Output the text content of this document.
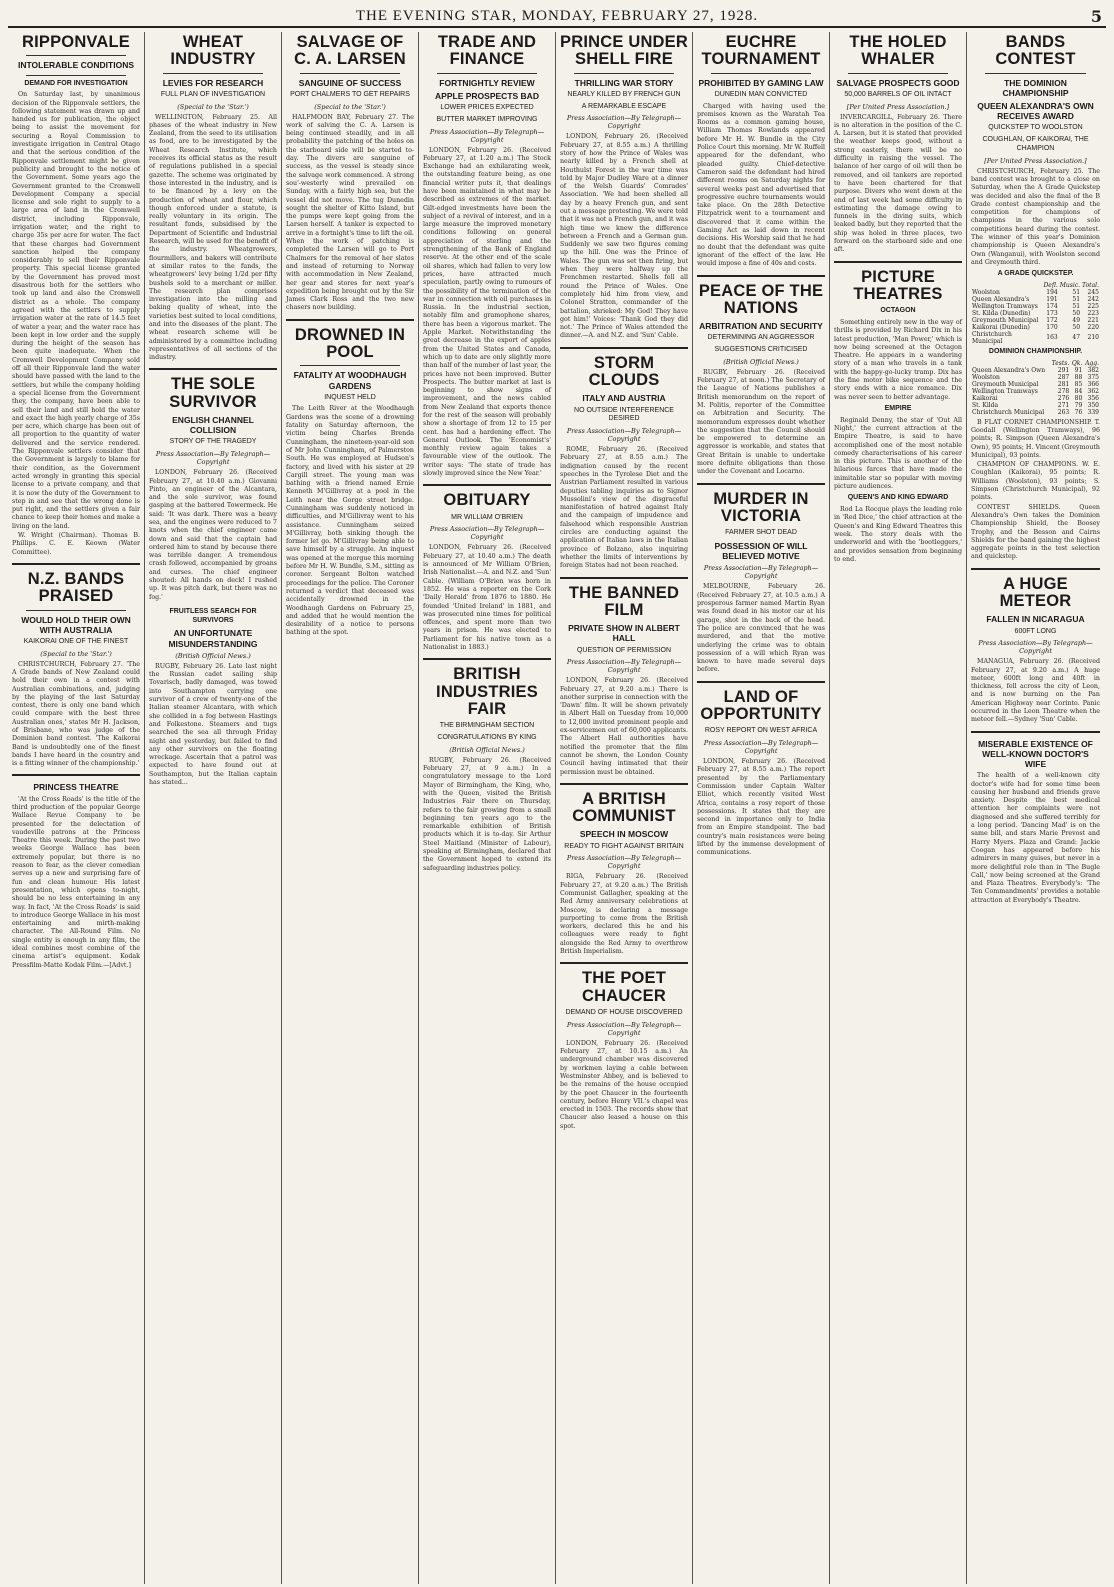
THE EVENING STAR, MONDAY, FEBRUARY 27, 1928.	5
RIPPONVALE
INTOLERABLE CONDITIONS
DEMAND FOR INVESTIGATION

On Saturday last, by unanimous decision of the Ripponvale settlers, the following statement was drawn up and handed us for publication, the object being to assist the movement for securing a Royal Commission to investigate irrigation in Central Otago and that the serious condition of the Ripponvale settlement might be given publicity and brought to the notice of the Government. Some years ago the Government granted to the Cromwell Development Company a special license and sole right to supply to a large area of land in the Cromwell district, including Ripponvale, irrigation water, and the right to charge 35s per acre for water. The fact that these charges had Government sanction helped the company considerably to sell their Ripponvale property. This special license granted by the Government has proved most disastrous both for the settlers who took up land and also the Cromwell district as a whole. The company agreed with the settlers to supply irrigation water at the rate of 14.5 feet of water a year, and the water race has been kept in low order and the supply during the height of the season has been quite inadequate. When the Cromwell Development Company sold off all their Ripponvale land the water should have passed with the land to the settlers, but while the company holding a special license from the Government they, the company, have been able to sell their land and still hold the water and exact the high yearly charge of 35s per acre, which charge has been out of all proportion to the quantity of water delivered and the service rendered. The Ripponvale settlers consider that the Government is largely to blame for their condition, as the Government acted wrongly in granting this special license to a private company, and that it is now the duty of the Government to step in and see that the wrong done is put right, and the settlers given a fair chance to keep their homes and make a living on the land.

W. Wright (Chairman). Thomas B. Phillips. C. E. Keown (Water Committee).

N.Z. BANDS PRAISED
WOULD HOLD THEIR OWN WITH AUSTRALIA
KAIKORAI ONE OF THE FINEST
(Special to the 'Star.')

CHRISTCHURCH, February 27. 'The A Grade bands of New Zealand could hold their own in a contest with Australian combinations, and, judging by the playing of the last Saturday contest, there is only one band which could compare with the best three Australian ones,' states Mr H. Jackson, of Brisbane, who was judge of the Dominion band contest. 'The Kaikorai Band is undoubtedly one of the finest bands I have heard in the country and is a fitting winner of the championship.'

PRINCESS THEATRE

'At the Cross Roads' is the title of the third production of the popular George Wallace Revue Company to be presented for the delectation of vaudeville patrons at the Princess Theatre this week. During the past two weeks George Wallace has been extremely popular, but there is no reason to fear, as the clever comedian serves up a new and surprising fare of fun and clean humour. His latest presentation, which opens to-night, should be no less entertaining in any way. In fact, 'At the Cross Roads' is said to introduce George Wallace in his most entertaining and mirth-making character. The All-Round Film. No single entity is enough in any film, the ideal combines most combine of the cinema artist's equipment. Kodak Pressfilm-Matte Kodak Film.—[Advt.]

WHEAT INDUSTRY
LEVIES FOR RESEARCH
FULL PLAN OF INVESTIGATION
(Special to the 'Star.')

WELLINGTON, February 25. All phases of the wheat industry in New Zealand, from the seed to its utilisation as food, are to be investigated by the Wheat Research Institute, which receives its official status as the result of regulations published in a special gazette. The scheme was originated by those interested in the industry, and is to be financed by a levy on the production of wheat and flour, which though enforced under a statute, is really voluntary in its origin. The resultant funds, subsidised by the Department of Scientific and Industrial Research, will be used for the benefit of the industry. Wheatgrowers, flourmillers, and bakers will contribute at similar rates to the funds, the wheatgrowers' levy being 1/2d per fifty bushels sold to a merchant or miller. The research plan comprises investigation into the milling and baking quality of wheat, into the varieties best suited to local conditions, and into the diseases of the plant. The wheat research scheme will be administered by a committee including representatives of all sections of the industry.

THE SOLE SURVIVOR
ENGLISH CHANNEL COLLISION
STORY OF THE TRAGEDY
Press Association—By Telegraph—Copyright

LONDON, February 26. (Received February 27, at 10.40 a.m.) Giovanni Pinto, an engineer of the Alcantara, and the sole survivor, was found gasping at the battered Towermeck. He said: 'It was dark. There was a heavy sea, and the engines were reduced to 7 knots when the chief engineer came down and said that the captain had ordered him to stand by because there was terrible danger. A tremendous crash followed, accompanied by groans and curses. The chief engineer shouted: All hands on deck! I rushed up. It was pitch dark, but there was no fog.'

FRUITLESS SEARCH FOR SURVIVORS
AN UNFORTUNATE MISUNDERSTANDING
(British Official News.)

RUGBY, February 26. Late last night the Russian cadet sailing ship Tovarisch, badly damaged, was towed into Southampton carrying one survivor of a crew of twenty-one of the Italian steamer Alcantara, with which she collided in a fog between Hastings and Folkestone. Steamers and tugs searched the sea all through Friday night and yesterday, but failed to find any other survivors on the floating wreckage. Ascertain that a patrol was expected to have found out at Southampton, but the Italian captain has stated...

SALVAGE OF C. A. LARSEN
SANGUINE OF SUCCESS
PORT CHALMERS TO GET REPAIRS
(Special to the 'Star.')

HALFMOON BAY, February 27. The work of salving the C. A. Larsen is being continued steadily, and in all probability the patching of the holes on the starboard side will be started to-day. The divers are sanguine of success, as the vessel is steady since the salvage work commenced. A strong sou'-westerly wind prevailed on Sunday, with a fairly high sea, but the vessel did not move. The tug Dunedin sought the shelter of Kitto Island, but the pumps were kept going from the Larsen herself. A tanker is expected to arrive in a fortnight's time to lift the oil. When the work of patching is completed the Larsen will go to Port Chalmers for the removal of her slates and instead of returning to Norway with accommodation in New Zealand, her gear and stores for next year's expedition being brought out by the Sir James Clark Ross and the two new chasers now building.

DROWNED IN POOL
FATALITY AT WOODHAUGH GARDENS
INQUEST HELD

The Leith River at the Woodhaugh Gardens was the scene of a drowning fatality on Saturday afternoon, the victim being Charles Brenda Cunningham, the nineteen-year-old son of Mr John Cunningham, of Palmerston South. He was employed at Hudson's factory, and lived with his sister at 29 Cargill street. The young man was bathing with a friend named Ernie Kenneth M'Gillivray at a pool in the Leith near the Gorge street bridge. Cunningham was suddenly noticed in difficulties, and M'Gillivray went to his assistance. Cunningham seized M'Gillivray, both sinking though the former let go. M'Gillivray being able to save himself by a struggle. An inquest was opened at the morgue this morning before Mr H. W. Bundle, S.M., sitting as coroner. Sergeant Bolton watched proceedings for the police. The Coroner returned a verdict that deceased was accidentally drowned in the Woodhaugh Gardens on February 25, and added that he would mention the desirability of a notice to persons bathing at the spot.

TRADE AND FINANCE
FORTNIGHTLY REVIEW
APPLE PROSPECTS BAD
LOWER PRICES EXPECTED
BUTTER MARKET IMPROVING
Press Association—By Telegraph—Copyright

LONDON, February 26. (Received February 27, at 1.20 a.m.) The Stock Exchange had an exhilarating week, the outstanding feature being, as one financial writer puts it, that dealings have been maintained in what may be described as extremes of the market. Gilt-edged investments have been the subject of a revival of interest, and in a large measure the improved monetary conditions following on general appreciation of sterling and the strengthening of the Bank of England reserve. At the other end of the scale oil shares, which had fallen to very low prices, have attracted much speculation, partly owing to rumours of the possibility of the termination of the war in connection with oil purchases in Russia. In the industrial section, notably film and gramophone shares, there has been a vigorous market. The Apple Market. Notwithstanding the great decrease in the export of apples from the United States and Canada, which up to date are only slightly more than half of the number of last year, the prices have not been improved. Butter Prospects. The butter market at last is beginning to show signs of improvement, and the news cabled from New Zealand that exports thence for the rest of the season will probably show a shortage of from 12 to 15 per cent. has had a hardening effect. The General Outlook. The 'Economist's' monthly review again takes a favourable view of the outlook. The writer says: 'The state of trade has slowly improved since the New Year.'

OBITUARY
MR WILLIAM O'BRIEN
Press Association—By Telegraph—Copyright

LONDON, February 26. (Received February 27, at 10.40 a.m.) The death is announced of Mr William O'Brien, Irish Nationalist.—A. and N.Z. and 'Sun' Cable. (William O'Brien was born in 1852. He was a reporter on the Cork 'Daily Herald' from 1876 to 1880. He founded 'United Ireland' in 1881, and was prosecuted nine times for political offences, and spent more than two years in prison. He was elected to Parliament for his native town as a Nationalist in 1883.)

BRITISH INDUSTRIES FAIR
THE BIRMINGHAM SECTION
CONGRATULATIONS BY KING
(British Official News.)

RUGBY, February 26. (Received February 27, at 9 a.m.) In a congratulatory message to the Lord Mayor of Birmingham, the King, who, with the Queen, visited the British Industries Fair there on Thursday, refers to the fair growing from a small beginning ten years ago to the remarkable exhibition of British products which it is to-day. Sir Arthur Steel Maitland (Minister of Labour), speaking at Birmingham, declared that the Government hoped to extend its safeguarding industries policy.

PRINCE UNDER SHELL FIRE
THRILLING WAR STORY
NEARLY KILLED BY FRENCH GUN
A REMARKABLE ESCAPE
Press Association—By Telegraph—Copyright

LONDON, February 26. (Received February 27, at 8.55 a.m.) A thrilling story of how the Prince of Wales was nearly killed by a French shell at Houthulst Forest in the war time was told by Major Dudley Ware at a dinner of the Welsh Guards' Comrades' Association. 'We had been shelled all day by a heavy French gun, and sent out a message protesting. We were told that it was not a French gun, and it was high time we knew the difference between a French and a German gun. Suddenly we saw two figures coming up the hill. One was the Prince of Wales. The gun was set then firing, but when they were halfway up the Frenchmen restarted. Shells fell all round the Prince of Wales. One completely hid him from view, and Colonel Stratton, commander of the battalion, shrieked: My God! They have got him!' Voices: 'Thank God they did not.' The Prince of Wales attended the dinner.—A. and N.Z. and 'Sun' Cable.

STORM CLOUDS
ITALY AND AUSTRIA
NO OUTSIDE INTERFERENCE DESIRED
Press Association—By Telegraph—Copyright

ROME, February 26. (Received February 27, at 8.55 a.m.) The indignation caused by the recent speeches in the Tyrolese Diet and the Austrian Parliament resulted in various deputies tabling inquiries as to Signor Mussolini's view of the disgraceful manifestation of hatred against Italy and the campaign of impudence and falsehood which responsible Austrian circles are conducting against the application of Italian laws in the Italian province of Bolzano, also inquiring whether the limits of interventions by foreign States had not been reached.

THE BANNED FILM
PRIVATE SHOW IN ALBERT HALL
QUESTION OF PERMISSION
Press Association—By Telegraph—Copyright

LONDON, February 26. (Received February 27, at 9.20 a.m.) There is another surprise in connection with the 'Dawn' film. It will be shown privately in Albert Hall on Tuesday from 10,000 to 12,000 invited prominent people and ex-servicemen out of 60,000 applicants. The Albert Hall authorities have notified the promoter that the film cannot be shown, the London County Council having intimated that their permission must be obtained.

A BRITISH COMMUNIST
SPEECH IN MOSCOW
READY TO FIGHT AGAINST BRITAIN
Press Association—By Telegraph—Copyright

RIGA, February 26. (Received February 27, at 9.20 a.m.) The British Communist Gallagher, speaking at the Red Army anniversary celebrations at Moscow, is declaring a message purporting to come from the British workers, declared this he and his colleagues were ready to fight alongside the Red Army to overthrow British Imperialism.

THE POET CHAUCER
DEMAND OF HOUSE DISCOVERED
Press Association—By Telegraph—Copyright

LONDON, February 26. (Received February 27, at 10.15 a.m.) An underground chamber was discovered by workmen laying a cable between Westminster Abbey, and is believed to be the remains of the house occupied by the poet Chaucer in the fourteenth century, before Henry VII.'s chapel was erected in 1503. The records show that Chaucer also leased a house on this spot.

EUCHRE TOURNAMENT
PROHIBITED BY GAMING LAW
DUNEDIN MAN CONVICTED

Charged with having used the premises known as the Waratah Tea Rooms as a common gaming house, William Thomas Rowlands appeared before Mr H. W. Bundle in the City Police Court this morning. Mr W. Ruffell appeared for the defendant, who pleaded guilty. Chief-detective Cameron said the defendant had hired different rooms on Saturday nights for several weeks past and advertised that progressive euchre tournaments would take place. On the 28th Detective Fitzpatrick went to a tournament and discovered that it came within the Gaming Act as laid down in recent decisions. His Worship said that he had no doubt that the defendant was quite ignorant of the effect of the law. He would impose a fine of 40s and costs.

PEACE OF THE NATIONS
ARBITRATION AND SECURITY
DETERMINING AN AGGRESSOR
SUGGESTIONS CRITICISED
(British Official News.)

RUGBY, February 26. (Received February 27, at noon.) The Secretary of the League of Nations publishes a British memorandum on the report of M. Politis, reporter of the Committee on Arbitration and Security. The memorandum expresses doubt whether the suggestion that the Council should be empowered to determine an aggressor is workable, and states that Great Britain is unable to undertake more definite obligations than those under the Covenant and Locarno.

MURDER IN VICTORIA
FARMER SHOT DEAD
POSSESSION OF WILL BELIEVED MOTIVE
Press Association—By Telegraph—Copyright

MELBOURNE, February 26. (Received February 27, at 10.5 a.m.) A prosperous farmer named Martin Ryan was found dead in his motor car at his garage, shot in the back of the head. The police are convinced that he was murdered, and that the motive underlying the crime was to obtain possession of a will which Ryan was known to have made several days before.

LAND OF OPPORTUNITY
ROSY REPORT ON WEST AFRICA
Press Association—By Telegraph—Copyright

LONDON, February 26. (Received February 27, at 8.55 a.m.) The report presented by the Parliamentary Commission under Captain Walter Elliot, which recently visited West Africa, contains a rosy report of those possessions. It states that they are second in importance only to India from an Empire standpoint. The bad country's main resistances were being lifted by the immense development of communications.

THE HOLED WHALER
SALVAGE PROSPECTS GOOD
50,000 BARRELS OF OIL INTACT
[Per United Press Association.]

INVERCARGILL, February 26. There is no alteration in the position of the C. A. Larsen, but it is stated that provided the weather keeps good, without a strong easterly, there will be no difficulty in raising the vessel. The balance of her cargo of oil will then be removed, and oil tankers are reported to have been chartered for that purpose. Divers who went down at the end of last week had some difficulty in estimating the damage owing to funnels in the diving suits, which leaked badly, but they reported that the ship was holed in three places, two forward on the starboard side and one aft.

PICTURE THEATRES
OCTAGON

Something entirely new in the way of thrills is provided by Richard Dix in his latest production, 'Man Power,' which is now being screened at the Octagon Theatre. He appears in a wandering story of a man who travels in a tank with the happy-go-lucky tramp. Dix has the fine motor bike sequence and the story ends with a nice romance. Dix was never seen to better advantage.

EMPIRE

Reginald Denny, the star of 'Out All Night,' the current attraction at the Empire Theatre, is said to have accomplished one of the most notable comedy characterisations of his career in this picture. This is another of the hilarious farces that have made the inimitable star so popular with moving picture audiences.

QUEEN'S AND KING EDWARD

Rod La Rocque plays the leading role in 'Red Dice,' the chief attraction at the Queen's and King Edward Theatres this week. The story deals with the underworld and with the 'bootleggers,' and provides sensation from beginning to end.

BANDS CONTEST
THE DOMINION CHAMPIONSHIP
QUEEN ALEXANDRA'S OWN RECEIVES AWARD
QUICKSTEP TO WOOLSTON
COUGHLAN, OF KAIKORAI, THE CHAMPION
[Per United Press Association.]

CHRISTCHURCH, February 25. The band contest was brought to a close on Saturday, when the A Grade Quickstep was decided and also the final of the B Grade contest championship and the competition for champions of champions in the various solo competitions heard during the contest. The winner of this year's Dominion championship is Queen Alexandra's Own (Wanganui), with Woolston second and Greymouth third.

A GRADE QUICKSTEP.
	Defl.	Music.	Total.
Woolston	194	51	245
Queen Alexandra's	191	51	242
Wellington Tramways	174	51	225
St. Kilda (Dunedin)	173	50	223
Greymouth Municipal	172	49	221
Kaikorai (Dunedin)	170	50	220
Christchurch Municipal	163	47	210
DOMINION CHAMPIONSHIP.
	Tests.	Qk.	Agg.
Queen Alexandra's Own	291	91	382
Woolston	287	88	375
Greymouth Municipal	281	85	366
Wellington Tramways	278	84	362
Kaikorai	276	80	356
St. Kilda	271	79	350
Christchurch Municipal	263	76	339

B FLAT CORNET CHAMPIONSHIP. T. Goodall (Wellington Tramways), 96 points; R. Simpson (Queen Alexandra's Own), 95 points; H. Vincent (Greymouth Municipal), 93 points.

CHAMPION OF CHAMPIONS. W. E. Coughlan (Kaikorai), 95 points; R. Williams (Woolston), 93 points; S. Simpson (Christchurch Municipal), 92 points.

CONTEST SHIELDS. Queen Alexandra's Own takes the Dominion Championship Shield, the Boosey Trophy, and the Besson and Cairns Shields for the band gaining the highest aggregate points in the test selection and quickstep.

A HUGE METEOR
FALLEN IN NICARAGUA
600FT LONG
Press Association—By Telegraph—Copyright

MANAGUA, February 26. (Received February 27, at 9.20 a.m.) A huge meteor, 600ft long and 40ft in thickness, fell across the city of Leon, and is now burning on the Pan American Highway near Corinto. Panic occurred in the Leon Theatre when the meteor fell.—Sydney 'Sun' Cable.

MISERABLE EXISTENCE OF WELL-KNOWN DOCTOR'S WIFE

The health of a well-known city doctor's wife had for some time been causing her husband and friends grave anxiety. Despite the best medical attention her complaints were not diagnosed and she suffered terribly for a long period. 'Dancing Mad' is on the same bill, and stars Marie Prevost and Harry Myers. Plaza and Grand: Jackie Coogan has appeared before his admirers in many guises, but never in a more delightful role than in 'The Bugle Call,' now being screened at the Grand and Plaza Theatres. Everybody's: 'The Ten Commandments' provides a notable attraction at Everybody's Theatre.
